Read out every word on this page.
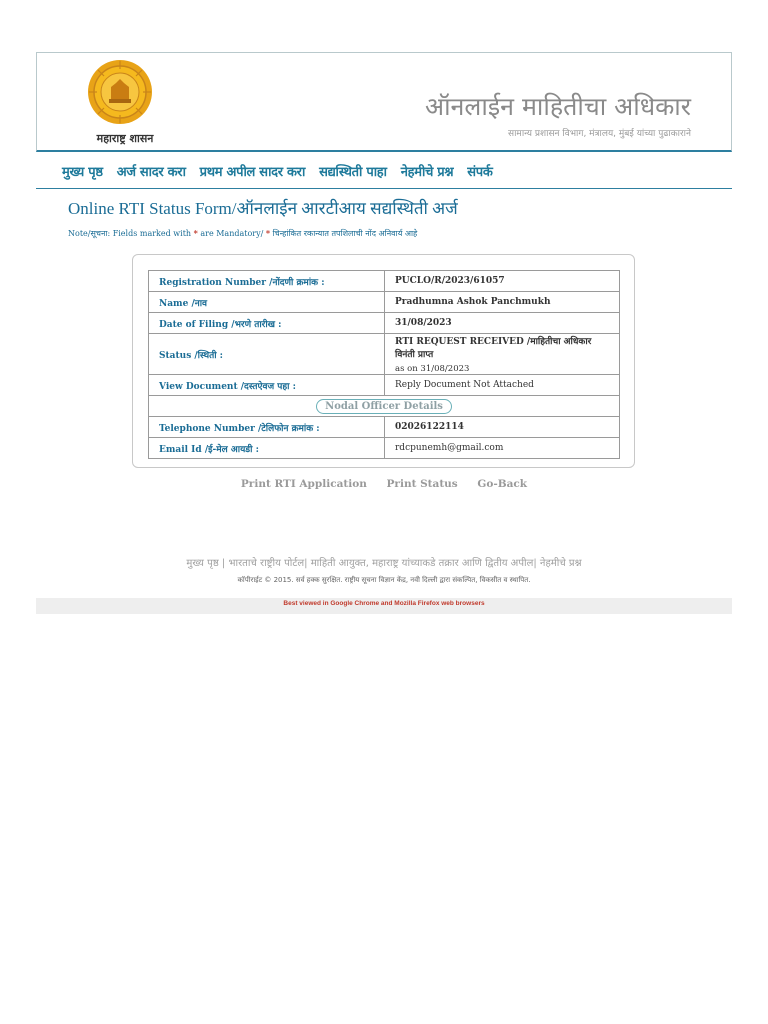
महाराष्ट्र शासन
ऑनलाईन माहितीचा अधिकार
सामान्य प्रशासन विभाग, मंत्रालय, मुंबई यांच्या पुढाकाराने
मुख्य पृष्ठ अर्ज सादर करा प्रथम अपील सादर करा सद्यस्थिती पाहा नेहमीचे प्रश्न संपर्क
Online RTI Status Form/ऑनलाईन आरटीआय सद्यस्थिती अर्ज
Note/सूचना: Fields marked with * are Mandatory/ * चिन्हांकित रकान्यात तपशिलाची नोंद अनिवार्य आहे
Registration Number /नोंदणी क्रमांक :	PUCLO/R/2023/61057
Name /नाव	Pradhumna Ashok Panchmukh
Date of Filing /भरणे तारीख :	31/08/2023
Status /स्थिती :	RTI REQUEST RECEIVED /माहितीचा अधिकार विनंती प्राप्त
as on 31/08/2023

View Document /दस्तऐवज पहा :	Reply Document Not Attached
Nodal Officer Details	
Telephone Number /टेलिफोन क्रमांक :	02026122114
Email Id /ई-मेल आयडी :	rdcpunemh@gmail.com
Print RTI Application Print Status Go-Back
मुख्य पृष्ठ | भारताचे राष्ट्रीय पोर्टल| माहिती आयुक्त, महाराष्ट्र यांच्याकडे तक्रार आणि द्वितीय अपील| नेहमीचे प्रश्न
कॉपीराईट © 2015. सर्व हक्क सुरक्षित. राष्ट्रीय सूचना विज्ञान केंद्र, नवी दिल्ली द्वारा संकल्पित, विकसीत व स्थापित.
Best viewed in Google Chrome and Mozilla Firefox web browsers
